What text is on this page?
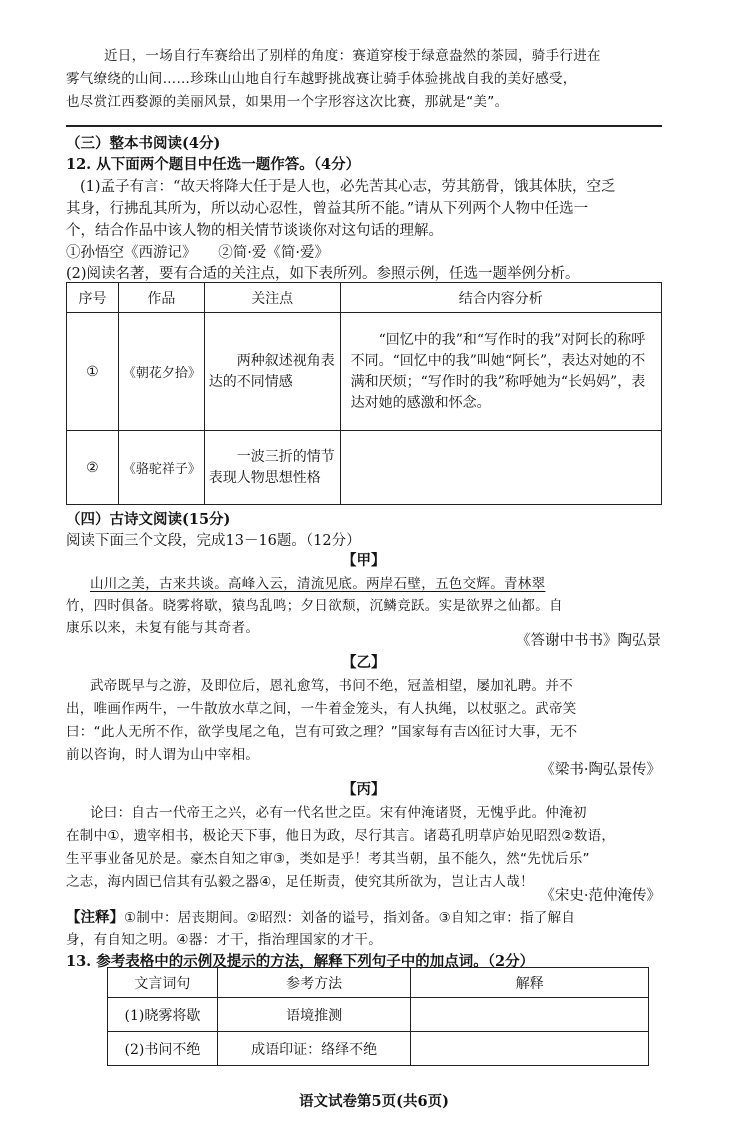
近日，一场自行车赛给出了别样的角度：赛道穿梭于绿意盎然的茶园，骑手行进在
雾气缭绕的山间……珍珠山山地自行车越野挑战赛让骑手体验挑战自我的美好感受，
也尽赏江西婺源的美丽风景，如果用一个字形容这次比赛，那就是“美”。
（三）整本书阅读(4分)
12. 从下面两个题目中任选一题作答。（4分）
(1)孟子有言：“故天将降大任于是人也，必先苦其心志，劳其筋骨，饿其体肤，空乏
其身，行拂乱其所为，所以动心忍性，曾益其所不能。”请从下列两个人物中任选一
个，结合作品中该人物的相关情节谈谈你对这句话的理解。
①孙悟空《西游记》　　②简·爱《简·爱》
(2)阅读名著，要有合适的关注点，如下表所列。参照示例，任选一题举例分析。
序号	作品	关注点	结合内容分析
①	《朝花夕拾》	两种叙述视角表达的不同情感	“回忆中的我”和“写作时的我”对阿长的称呼不同。“回忆中的我”叫她“阿长”，表达对她的不满和厌烦；“写作时的我”称呼她为“长妈妈”，表达对她的感激和怀念。
②	《骆驼祥子》	一波三折的情节表现人物思想性格	
（四）古诗文阅读(15分)
阅读下面三个文段，完成13－16题。（12分）
【甲】
山川之美，古来共谈。高峰入云，清流见底。两岸石壁，五色交辉。青林翠
竹，四时俱备。晓雾将歇，猿鸟乱鸣；夕日欲颓，沉鳞竞跃。实是欲界之仙都。自
康乐以来，未复有能与其奇者。
《答谢中书书》陶弘景
【乙】
武帝既早与之游，及即位后，恩礼愈笃，书问不绝，冠盖相望，屡加礼聘。并不
出，唯画作两牛，一牛散放水草之间，一牛着金笼头，有人执绳，以杖驱之。武帝笑
曰：“此人无所不作，欲学曳尾之龟，岂有可致之理？”国家每有吉凶征讨大事，无不
前以咨询，时人谓为山中宰相。
《梁书·陶弘景传》
【丙】
论曰：自古一代帝王之兴，必有一代名世之臣。宋有仲淹诸贤，无愧乎此。仲淹初
在制中①，遗宰相书，极论天下事，他日为政，尽行其言。诸葛孔明草庐始见昭烈②数语，
生平事业备见於是。豪杰自知之审③，类如是乎！考其当朝，虽不能久，然“先忧后乐”
之志，海内固已信其有弘毅之器④，足任斯责，使究其所欲为，岂让古人哉！
《宋史·范仲淹传》
【注释】①制中：居丧期间。②昭烈：刘备的谥号，指刘备。③自知之审：指了解自
身，有自知之明。④器：才干，指治理国家的才干。
13. 参考表格中的示例及提示的方法，解释下列句子中的加点词。（2分）
文言词句	参考方法	解释
(1)晓雾将歇	语境推测	
(2)书问不绝	成语印证：络绎不绝	
语文试卷第5页(共6页)
